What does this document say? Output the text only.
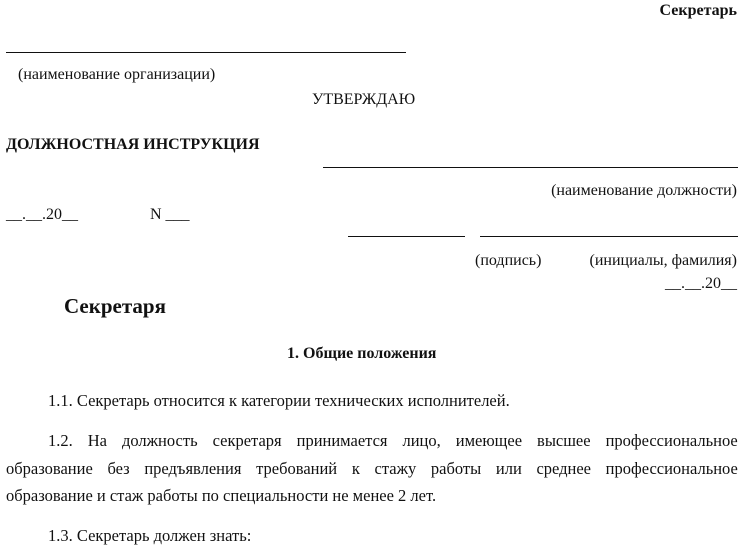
Секретарь
(наименование организации)
УТВЕРЖДАЮ
ДОЛЖНОСТНАЯ ИНСТРУКЦИЯ
(наименование должности)
__.__.20__	N ___
(подпись)	(инициалы, фамилия)
__.__.20__
Секретаря
1. Общие положения
1.1. Секретарь относится к категории технических исполнителей.
1.2. На должность секретаря принимается лицо, имеющее высшее профессиональное
образование без предъявления требований к стажу работы или среднее профессиональное
образование и стаж работы по специальности не менее 2 лет.
1.3. Секретарь должен знать:
